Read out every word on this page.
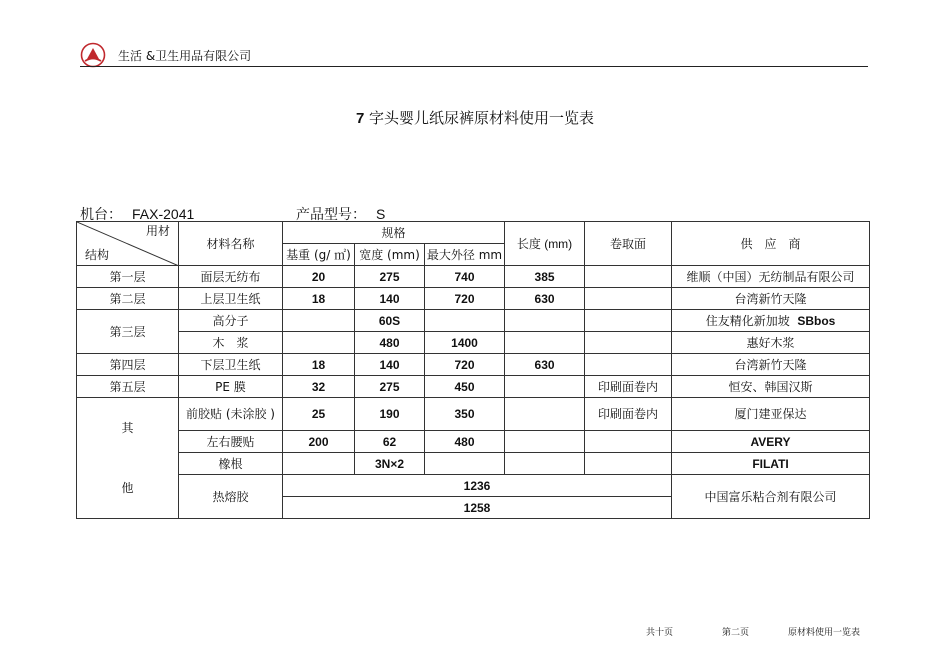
生活 &卫生用品有限公司
7 字头婴儿纸尿裤原材料使用一览表
机台： FAX-2041	产品型号： S
用材
结构	材料名称	规格			长度 (mm)	卷取面	供　应　商
		基重 (g/ ㎡)	宽度 (mm)	最大外径 mm			
第一层	面层无纺布	20	275	740	385		维顺（中国）无纺制品有限公司
第二层	上层卫生纸	18	140	720	630		台湾新竹天隆
第三层	高分子		60S				住友精化新加坡 SBbos
	木　浆		480	1400			惠好木浆
第四层	下层卫生纸	18	140	720	630		台湾新竹天隆
第五层	PE 膜	32	275	450		印刷面卷内	恒安、韩国汉斯

其

他	前胶贴 (未涂胶 )	25	190	350		印刷面卷内	厦门建亚保达
	左右腰贴	200	62	480			AVERY
	橡根		3N×2				FILATI
	热熔胶	1236					中国富乐粘合剂有限公司
		1258					
共十页	第二页	原材料使用一览表
